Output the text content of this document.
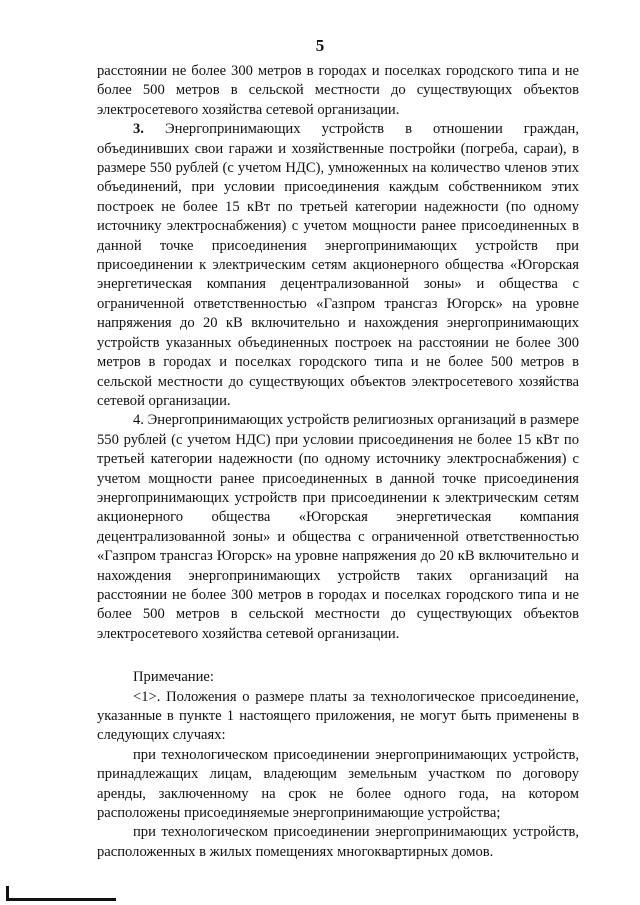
5

расстоянии не более 300 метров в городах и поселках городского типа и не более 500 метров в сельской местности до существующих объектов электросетевого хозяйства сетевой организации.

3. Энергопринимающих устройств в отношении граждан, объединивших свои гаражи и хозяйственные постройки (погреба, сараи), в размере 550 рублей (с учетом НДС), умноженных на количество членов этих объединений, при условии присоединения каждым собственником этих построек не более 15 кВт по третьей категории надежности (по одному источнику электроснабжения) с учетом мощности ранее присоединенных в данной точке присоединения энергопринимающих устройств при присоединении к электрическим сетям акционерного общества «Югорская энергетическая компания децентрализованной зоны» и общества с ограниченной ответственностью «Газпром трансгаз Югорск» на уровне напряжения до 20 кВ включительно и нахождения энергопринимающих устройств указанных объединенных построек на расстоянии не более 300 метров в городах и поселках городского типа и не более 500 метров в сельской местности до существующих объектов электросетевого хозяйства сетевой организации.

4. Энергопринимающих устройств религиозных организаций в размере 550 рублей (с учетом НДС) при условии присоединения не более 15 кВт по третьей категории надежности (по одному источнику электроснабжения) с учетом мощности ранее присоединенных в данной точке присоединения энергопринимающих устройств при присоединении к электрическим сетям акционерного общества «Югорская энергетическая компания децентрализованной зоны» и общества с ограниченной ответственностью «Газпром трансгаз Югорск» на уровне напряжения до 20 кВ включительно и нахождения энергопринимающих устройств таких организаций на расстоянии не более 300 метров в городах и поселках городского типа и не более 500 метров в сельской местности до существующих объектов электросетевого хозяйства сетевой организации.

Примечание:

<1>. Положения о размере платы за технологическое присоединение, указанные в пункте 1 настоящего приложения, не могут быть применены в следующих случаях:

при технологическом присоединении энергопринимающих устройств, принадлежащих лицам, владеющим земельным участком по договору аренды, заключенному на срок не более одного года, на котором расположены присоединяемые энергопринимающие устройства;

при технологическом присоединении энергопринимающих устройств, расположенных в жилых помещениях многоквартирных домов.
